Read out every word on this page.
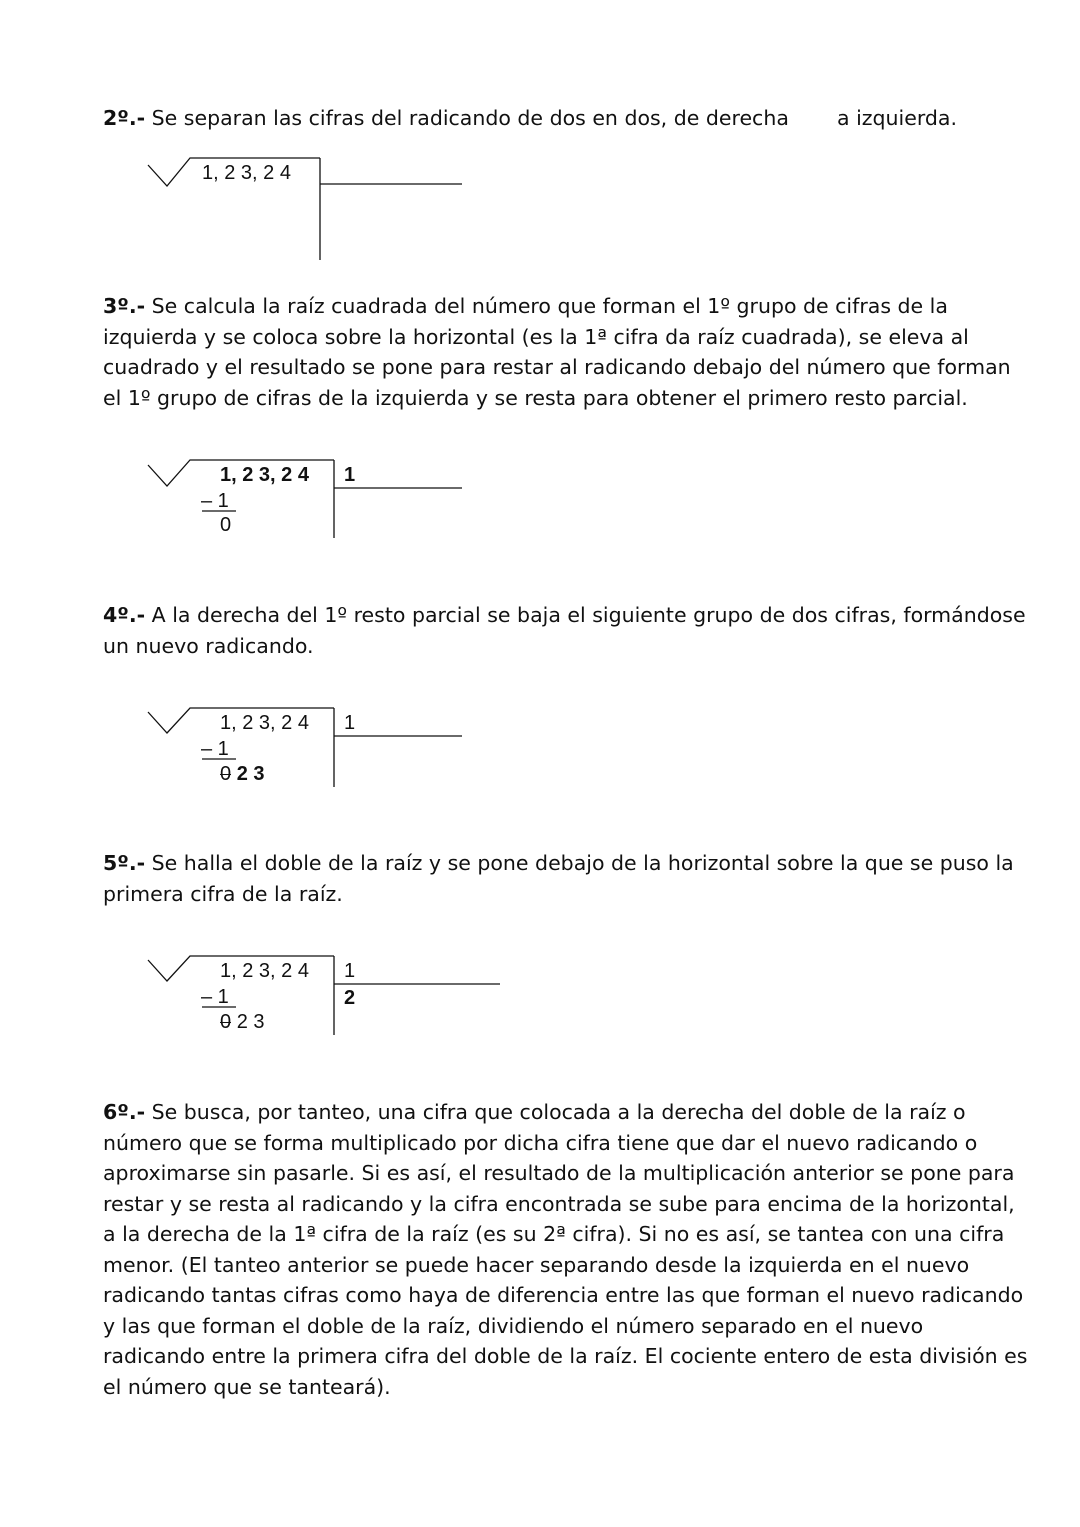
2º.- Se separan las cifras del radicando de dos en dos, de derecha	a izquierda.

1, 2 3, 2 4

3º.- Se calcula la raíz cuadrada del número que forman el 1º grupo de cifras de la izquierda y se coloca sobre la horizontal (es la 1ª cifra da raíz cuadrada), se eleva al cuadrado y el resultado se pone para restar al radicando debajo del número que forman el 1º grupo de cifras de la izquierda y se resta para obtener el primero resto parcial.

1, 2 3, 2 4 1
– 1
0

4º.- A la derecha del 1º resto parcial se baja el siguiente grupo de dos cifras, formándose un nuevo radicando.

1, 2 3, 2 4 1
– 1
0 2 3

5º.- Se halla el doble de la raíz y se pone debajo de la horizontal sobre la que se puso la primera cifra de la raíz.

1, 2 3, 2 4 1
2
– 1
0 2 3

6º.- Se busca, por tanteo, una cifra que colocada a la derecha del doble de la raíz o número que se forma multiplicado por dicha cifra tiene que dar el nuevo radicando o aproximarse sin pasarle. Si es así, el resultado de la multiplicación anterior se pone para restar y se resta al radicando y la cifra encontrada se sube para encima de la horizontal, a la derecha de la 1ª cifra de la raíz (es su 2ª cifra). Si no es así, se tantea con una cifra menor. (El tanteo anterior se puede hacer separando desde la izquierda en el nuevo radicando tantas cifras como haya de diferencia entre las que forman el nuevo radicando y las que forman el doble de la raíz, dividiendo el número separado en el nuevo radicando entre la primera cifra del doble de la raíz. El cociente entero de esta división es el número que se tanteará).
